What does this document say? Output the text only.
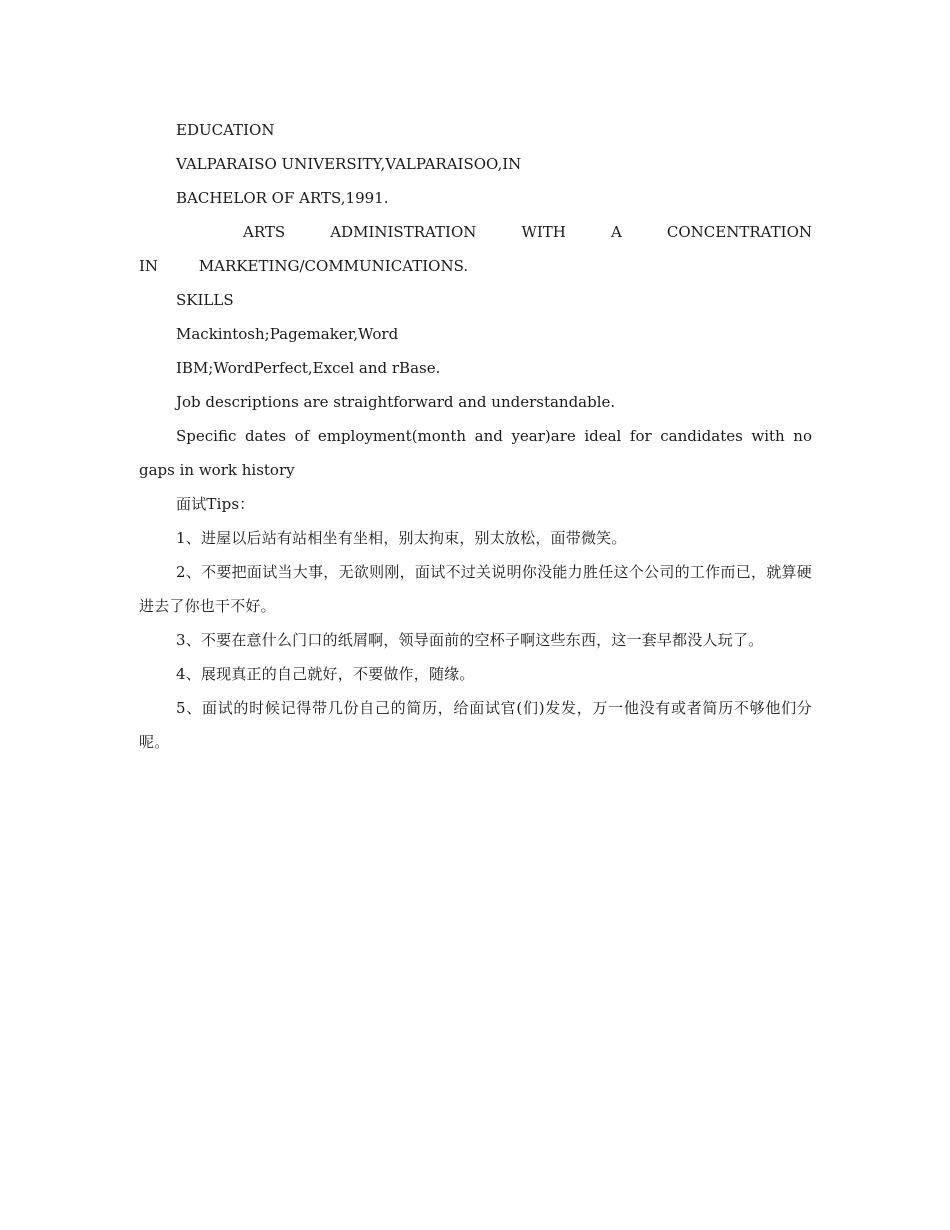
EDUCATION

VALPARAISO UNIVERSITY,VALPARAISOO,IN

BACHELOR OF ARTS,1991.

ARTS ADMINISTRATION WITH A CONCENTRATION IN MARKETING/COMMUNICATIONS.

SKILLS

Mackintosh;Pagemaker,Word

IBM;WordPerfect,Excel and rBase.

Job descriptions are straightforward and understandable.

Specific dates of employment(month and year)are ideal for candidates with no gaps in work history

面试Tips：

1、进屋以后站有站相坐有坐相，别太拘束，别太放松，面带微笑。

2、不要把面试当大事，无欲则刚，面试不过关说明你没能力胜任这个公司的工作而已，就算硬进去了你也干不好。

3、不要在意什么门口的纸屑啊，领导面前的空杯子啊这些东西，这一套早都没人玩了。

4、展现真正的自己就好，不要做作，随缘。

5、面试的时候记得带几份自己的简历，给面试官(们)发发，万一他没有或者简历不够他们分呢。
